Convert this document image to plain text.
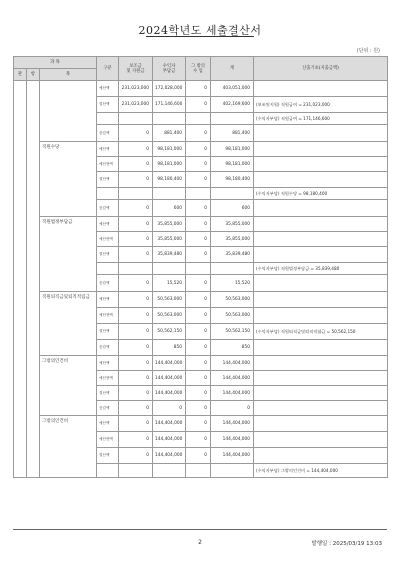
2024학년도 세출결산서
(단위 : 원)
과 목			구분	보조금
및 지원금	수익자
부담금	그 밖의
수 입	계	산출기초(지출금액)
관	항	목						
			예산액	231,023,000	172,028,000	0	403,051,000	
			결산액	231,023,000	171,146,600	0	402,169,600	(보조및지원) 직원급여 = 231,023,000
								(수익자부담) 직원급여 = 171,146,600
			증감액	0	881,400	0	881,400	
		직원수당	예산액	0	98,181,000	0	98,181,000	
			예산현액	0	98,181,000	0	98,181,000	
			결산액	0	98,180,400	0	98,180,400	
								(수익자부담) 직원수당 = 98,180,400
			증감액	0	600	0	600	
		직원법정부담금	예산액	0	35,855,000	0	35,855,000	
			예산현액	0	35,855,000	0	35,855,000	
			결산액	0	35,839,480	0	35,839,480	
								(수익자부담) 직원법정부담금 = 35,839,480
			증감액	0	15,520	0	15,520	
		직원퇴직금및퇴직적립금	예산액	0	50,563,000	0	50,563,000	
			예산현액	0	50,563,000	0	50,563,000	
			결산액	0	50,562,150	0	50,562,150	(수익자부담) 직원퇴직금및퇴직적립금 = 50,562,150
			증감액	0	850	0	850	
		그밖의인건비	예산액	0	144,404,000	0	144,404,000	
			예산현액	0	144,404,000	0	144,404,000	
			결산액	0	144,404,000	0	144,404,000	
			증감액	0	0	0	0	
		그밖의인건비	예산액	0	144,404,000	0	144,404,000	
			예산현액	0	144,404,000	0	144,404,000	
			결산액	0	144,404,000	0	144,404,000	
								(수익자부담) 그밖의인건비 = 144,404,000
2	발행일 : 2025/03/19 13:03
